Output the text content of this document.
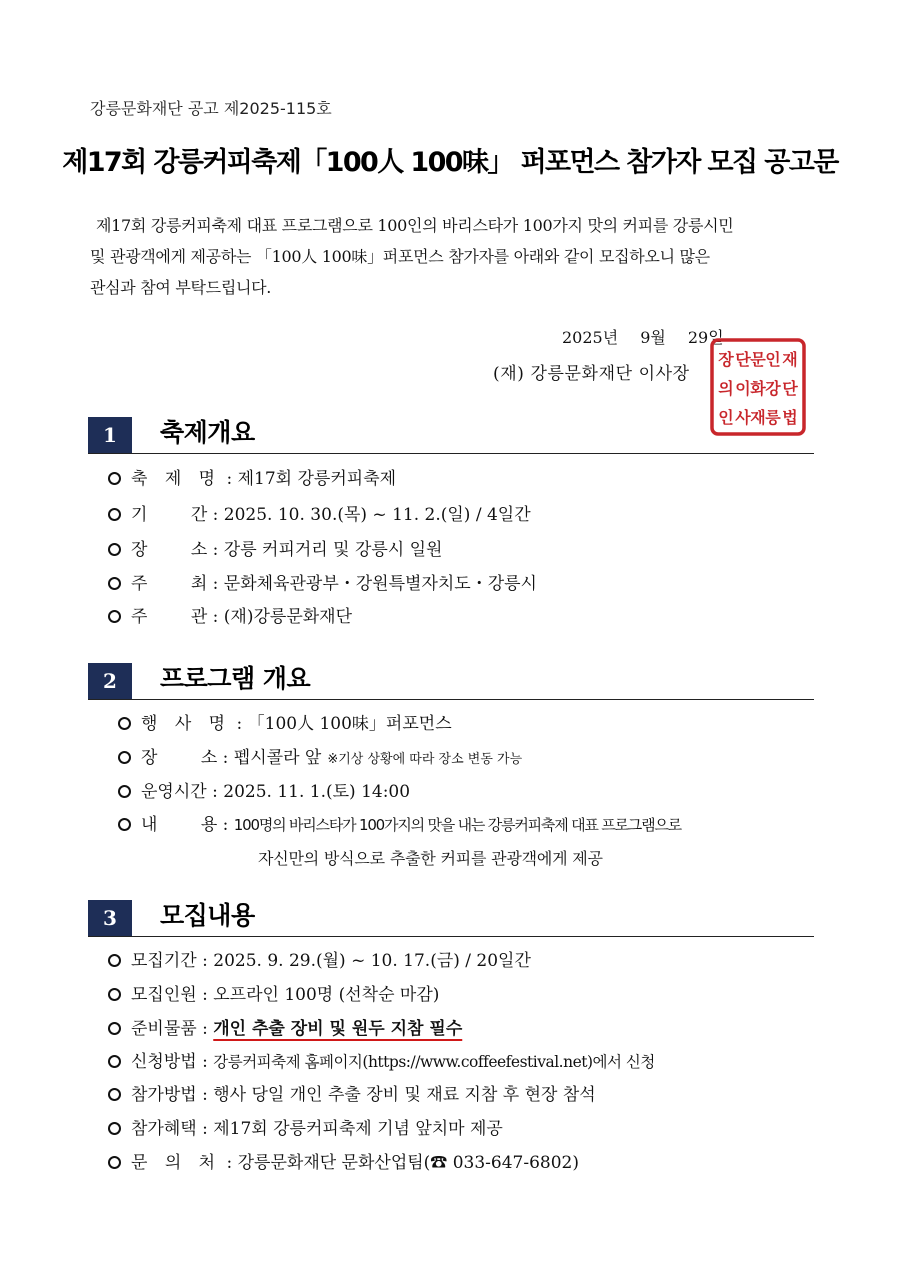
강릉문화재단 공고 제2025-115호
제17회 강릉커피축제「100人 100味」 퍼포먼스 참가자 모집 공고문
제17회 강릉커피축제 대표 프로그램으로 100인의 바리스타가 100가지 맛의 커피를 강릉시민
및 관광객에게 제공하는 「100人 100味」퍼포먼스 참가자를 아래와 같이 모집하오니 많은
관심과 참여 부탁드립니다.
2025년 9월 29일
(재) 강릉문화재단 이사장
재
단
법
인
강
릉
문
화
재
단
이
사
장
의
인
1	축제개요
축 제 명 : 제17회 강릉커피축제
기 간 : 2025. 10. 30.(목) ~ 11. 2.(일) / 4일간
장 소 : 강릉 커피거리 및 강릉시 일원
주 최 : 문화체육관광부・강원특별자치도・강릉시
주 관 : (재)강릉문화재단
2	프로그램 개요
행 사 명 : 「100人 100味」퍼포먼스
장 소 : 펩시콜라 앞 ※기상 상황에 따라 장소 변동 가능
운영시간 : 2025. 11. 1.(토) 14:00
내 용 : 100명의 바리스타가 100가지의 맛을 내는 강릉커피축제 대표 프로그램으로
자신만의 방식으로 추출한 커피를 관광객에게 제공
3	모집내용
모집기간 : 2025. 9. 29.(월) ~ 10. 17.(금) / 20일간
모집인원 : 오프라인 100명 (선착순 마감)
준비물품 : 개인 추출 장비 및 원두 지참 필수
신청방법 : 강릉커피축제 홈페이지(https://www.coffeefestival.net)에서 신청
참가방법 : 행사 당일 개인 추출 장비 및 재료 지참 후 현장 참석
참가혜택 : 제17회 강릉커피축제 기념 앞치마 제공
문 의 처 : 강릉문화재단 문화산업팀(☎ 033-647-6802)
